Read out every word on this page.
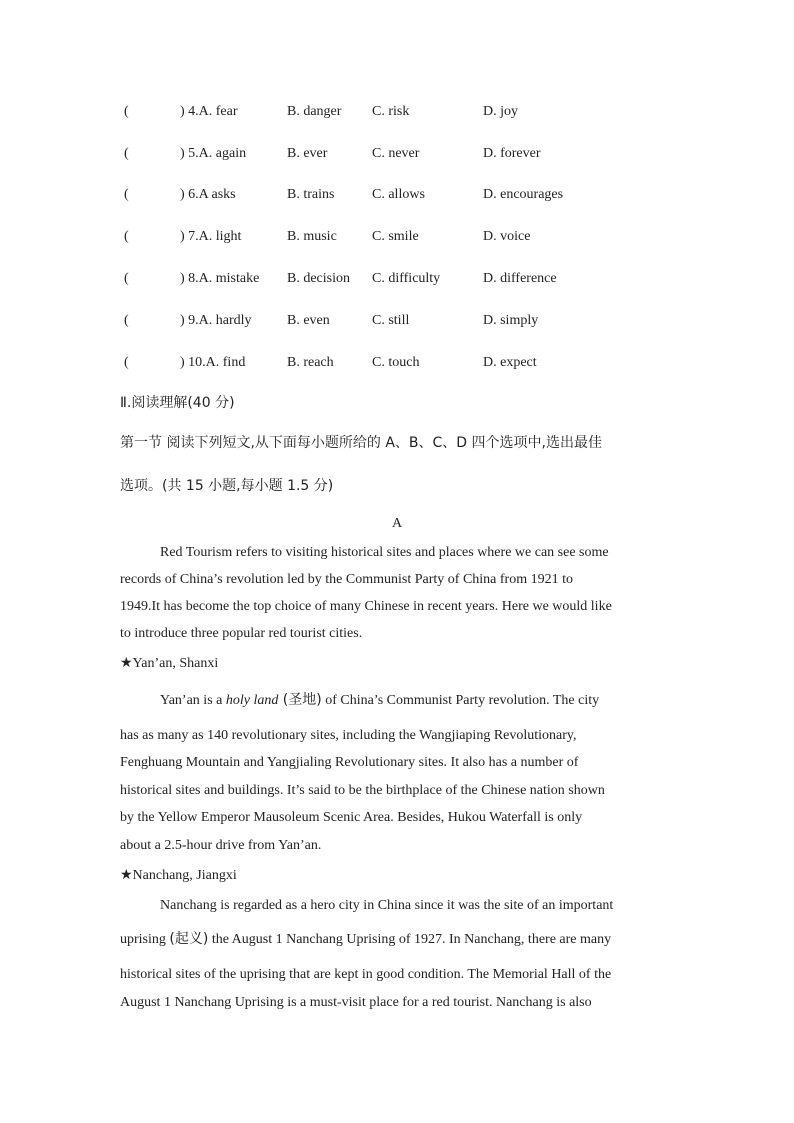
(	) 4.A. fear	B. danger C. risk	D. joy
(	) 5.A. again	B. ever	C. never	D. forever
(	) 6.A asks	B. trains	C. allows	D. encourages
(	) 7.A. light	B. music	C. smile	D. voice
(	) 8.A. mistake B. decision C. difficulty	D. difference
(	) 9.A. hardly	B. even	C. still	D. simply
(	) 10.A. find	B. reach	C. touch	D. expect
Ⅱ.阅读理解(40 分)
第一节 阅读下列短文,从下面每小题所给的 A、B、C、D 四个选项中,选出最佳
选项。(共 15 小题,每小题 1.5 分)
A
Red Tourism refers to visiting historical sites and places where we can see some
records of China’s revolution led by the Communist Party of China from 1921 to
1949.It has become the top choice of many Chinese in recent years. Here we would like
to introduce three popular red tourist cities.
★Yan’an, Shanxi
Yan’an is a holy land (圣地) of China’s Communist Party revolution. The city
has as many as 140 revolutionary sites, including the Wangjiaping Revolutionary,
Fenghuang Mountain and Yangjialing Revolutionary sites. It also has a number of
historical sites and buildings. It’s said to be the birthplace of the Chinese nation shown
by the Yellow Emperor Mausoleum Scenic Area. Besides, Hukou Waterfall is only
about a 2.5-hour drive from Yan’an.
★Nanchang, Jiangxi
Nanchang is regarded as a hero city in China since it was the site of an important
uprising (起义) the August 1 Nanchang Uprising of 1927. In Nanchang, there are many
historical sites of the uprising that are kept in good condition. The Memorial Hall of the
August 1 Nanchang Uprising is a must-visit place for a red tourist. Nanchang is also
